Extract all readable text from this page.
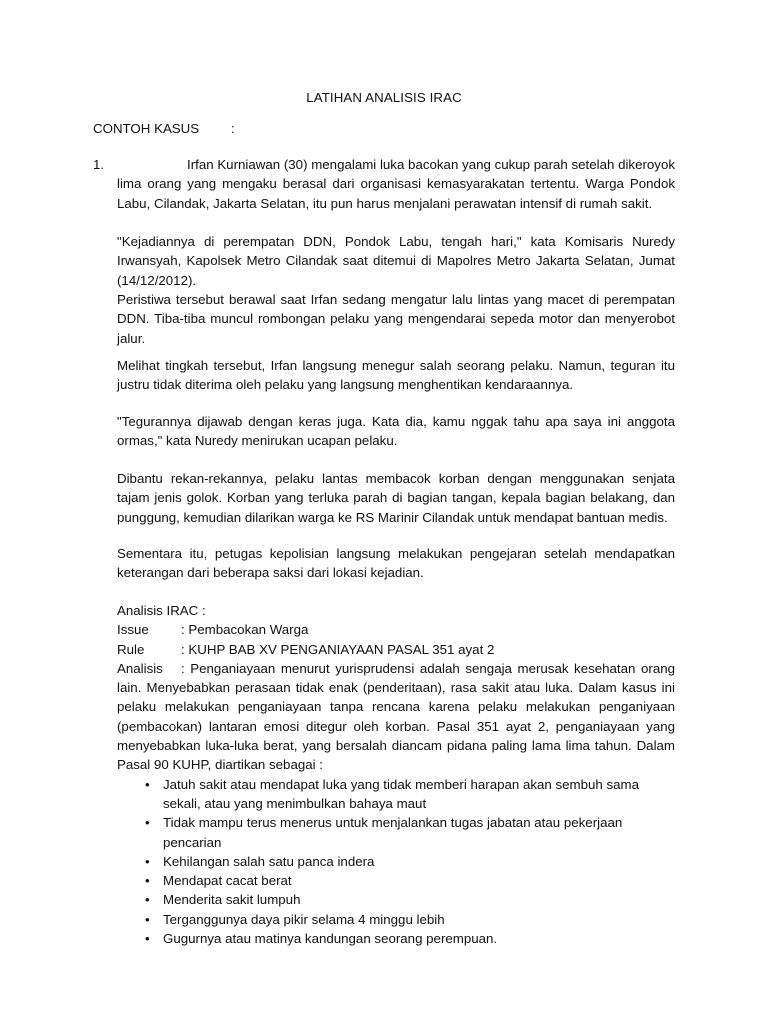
LATIHAN ANALISIS IRAC
CONTOH KASUS :
1.	Irfan Kurniawan (30) mengalami luka bacokan yang cukup parah setelah dikeroyok lima orang yang mengaku berasal dari organisasi kemasyarakatan tertentu. Warga Pondok Labu, Cilandak, Jakarta Selatan, itu pun harus menjalani perawatan intensif di rumah sakit.

"Kejadiannya di perempatan DDN, Pondok Labu, tengah hari," kata Komisaris Nuredy Irwansyah, Kapolsek Metro Cilandak saat ditemui di Mapolres Metro Jakarta Selatan, Jumat (14/12/2012).

Peristiwa tersebut berawal saat Irfan sedang mengatur lalu lintas yang macet di perempatan DDN. Tiba-tiba muncul rombongan pelaku yang mengendarai sepeda motor dan menyerobot jalur.

Melihat tingkah tersebut, Irfan langsung menegur salah seorang pelaku. Namun, teguran itu justru tidak diterima oleh pelaku yang langsung menghentikan kendaraannya.

"Tegurannya dijawab dengan keras juga. Kata dia, kamu nggak tahu apa saya ini anggota ormas," kata Nuredy menirukan ucapan pelaku.

Dibantu rekan-rekannya, pelaku lantas membacok korban dengan menggunakan senjata tajam jenis golok. Korban yang terluka parah di bagian tangan, kepala bagian belakang, dan punggung, kemudian dilarikan warga ke RS Marinir Cilandak untuk mendapat bantuan medis.

Sementara itu, petugas kepolisian langsung melakukan pengejaran setelah mendapatkan keterangan dari beberapa saksi dari lokasi kejadian.

Analisis IRAC :
Issue : Pembacokan Warga
Rule	: KUHP BAB XV PENGANIAYAAN PASAL 351 ayat 2

Analisis : Penganiayaan menurut yurisprudensi adalah sengaja merusak kesehatan orang lain. Menyebabkan perasaan tidak enak (penderitaan), rasa sakit atau luka. Dalam kasus ini pelaku melakukan penganiayaan tanpa rencana karena pelaku melakukan penganiyaan (pembacokan) lantaran emosi ditegur oleh korban. Pasal 351 ayat 2, penganiayaan yang menyebabkan luka-luka berat, yang bersalah diancam pidana paling lama lima tahun. Dalam Pasal 90 KUHP, diartikan sebagai :

• Jatuh sakit atau mendapat luka yang tidak memberi harapan akan sembuh sama sekali, atau yang menimbulkan bahaya maut
• Tidak mampu terus menerus untuk menjalankan tugas jabatan atau pekerjaan pencarian
• Kehilangan salah satu panca indera
• Mendapat cacat berat
• Menderita sakit lumpuh
• Terganggunya daya pikir selama 4 minggu lebih
• Gugurnya atau matinya kandungan seorang perempuan.
